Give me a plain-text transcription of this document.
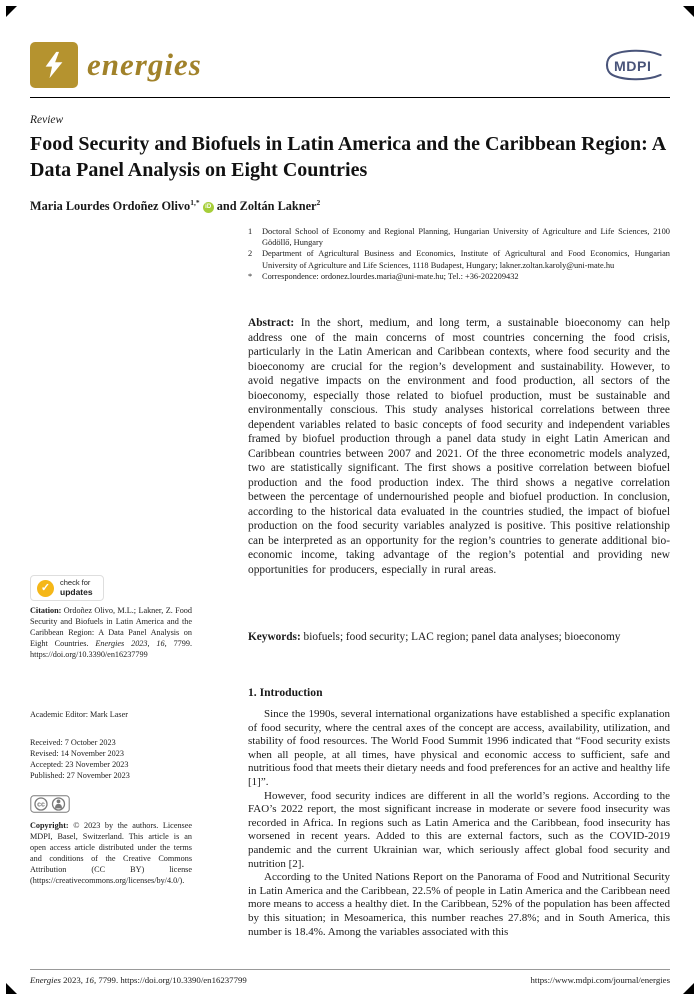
energies	MDPI
Review
Food Security and Biofuels in Latin America and the Caribbean Region: A Data Panel Analysis on Eight Countries
Maria Lourdes Ordoñez Olivo$^{1,*}$ iD and Zoltán Lakner$^2$
1	Doctoral School of Economy and Regional Planning, Hungarian University of Agriculture and Life Sciences, 2100 Gödöllő, Hungary
2	Department of Agricultural Business and Economics, Institute of Agricultural and Food Economics, Hungarian University of Agriculture and Life Sciences, 1118 Budapest, Hungary; lakner.zoltan.karoly@uni-mate.hu
*	Correspondence: ordonez.lourdes.maria@uni-mate.hu; Tel.: +36-202209432
Abstract: In the short, medium, and long term, a sustainable bioeconomy can help address one of the main concerns of most countries concerning the food crisis, particularly in the Latin American and Caribbean contexts, where food security and the bioeconomy are crucial for the region’s development and sustainability. However, to avoid negative impacts on the environment and food production, all sectors of the bioeconomy, especially those related to biofuel production, must be sustainable and environmentally conscious. This study analyses historical correlations between three dependent variables related to basic concepts of food security and independent variables framed by biofuel production through a panel data study in eight Latin American and Caribbean countries between 2007 and 2021. Of the three econometric models analyzed, two are statistically significant. The first shows a positive correlation between biofuel production and the food production index. The third shows a negative correlation between the percentage of undernourished people and biofuel production. In conclusion, according to the historical data evaluated in the countries studied, the impact of biofuel production on the food security variables analyzed is positive. This positive relationship can be interpreted as an opportunity for the region’s countries to generate additional bio-economic income, taking advantage of the region’s potential and providing new opportunities for producers, especially in rural areas.
Keywords: biofuels; food security; LAC region; panel data analyses; bioeconomy
1. Introduction

Since the 1990s, several international organizations have established a specific explanation of food security, where the central axes of the concept are access, availability, utilization, and stability of food resources. The World Food Summit 1996 indicated that “Food security exists when all people, at all times, have physical and economic access to sufficient, safe and nutritious food that meets their dietary needs and food preferences for an active and healthy life [1]”.

However, food security indices are different in all the world’s regions. According to the FAO’s 2022 report, the most significant increase in moderate or severe food insecurity was recorded in Africa. In regions such as Latin America and the Caribbean, food insecurity has worsened in recent years. Added to this are external factors, such as the COVID-2019 pandemic and the current Ukrainian war, which seriously affect global food security and nutrition [2].

According to the United Nations Report on the Panorama of Food and Nutritional Security in Latin America and the Caribbean, 22.5% of people in Latin America and the Caribbean need more means to access a healthy diet. In the Caribbean, 52% of the population has been affected by this situation; in Mesoamerica, this number reaches 27.8%; and in South America, this number is 18.4%. Among the variables associated with this

✓	check for
updates

Citation: Ordoñez Olivo, M.L.; Lakner, Z. Food Security and Biofuels in Latin America and the Caribbean Region: A Data Panel Analysis on Eight Countries. Energies 2023, 16, 7799. https://doi.org/10.3390/en16237799

Academic Editor: Mark Laser

Received: 7 October 2023
Revised: 14 November 2023
Accepted: 23 November 2023
Published: 27 November 2023
cc

Copyright: © 2023 by the authors. Licensee MDPI, Basel, Switzerland. This article is an open access article distributed under the terms and conditions of the Creative Commons Attribution (CC BY) license (https://creativecommons.org/licenses/by/4.0/).

Energies 2023, 16, 7799. https://doi.org/10.3390/en16237799	https://www.mdpi.com/journal/energies
